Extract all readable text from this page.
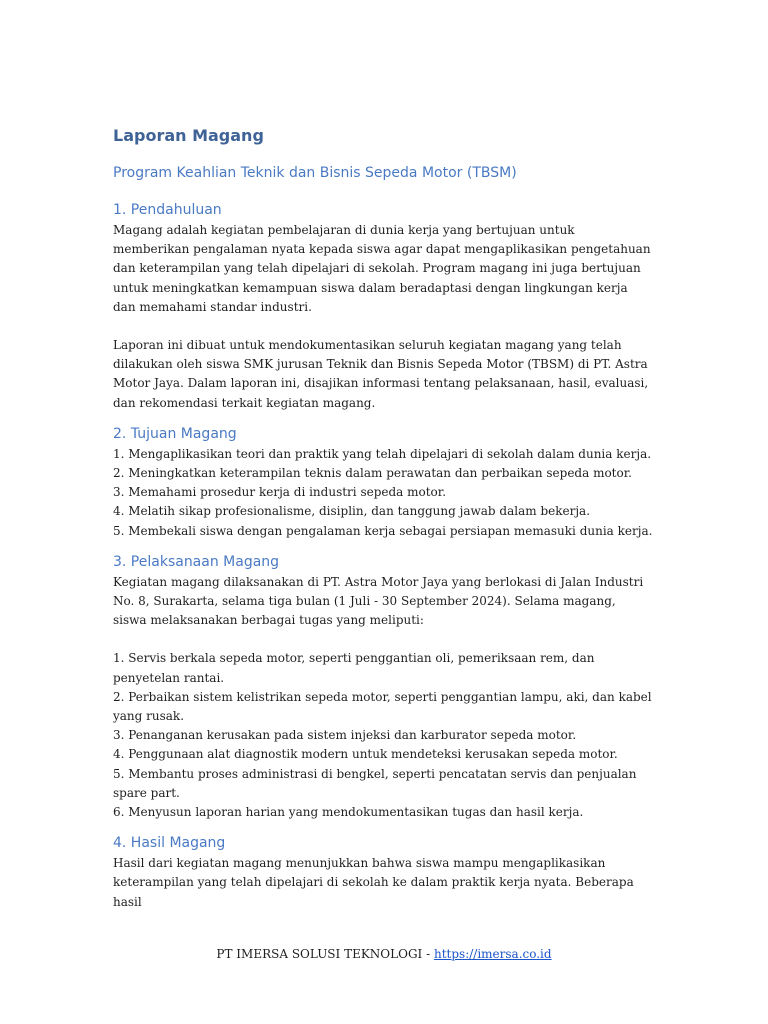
Laporan Magang
Program Keahlian Teknik dan Bisnis Sepeda Motor (TBSM)
1. Pendahuluan

Magang adalah kegiatan pembelajaran di dunia kerja yang bertujuan untuk memberikan pengalaman nyata kepada siswa agar dapat mengaplikasikan pengetahuan dan keterampilan yang telah dipelajari di sekolah. Program magang ini juga bertujuan untuk meningkatkan kemampuan siswa dalam beradaptasi dengan lingkungan kerja dan memahami standar industri.

Laporan ini dibuat untuk mendokumentasikan seluruh kegiatan magang yang telah dilakukan oleh siswa SMK jurusan Teknik dan Bisnis Sepeda Motor (TBSM) di PT. Astra Motor Jaya. Dalam laporan ini, disajikan informasi tentang pelaksanaan, hasil, evaluasi, dan rekomendasi terkait kegiatan magang.

2. Tujuan Magang
1. Mengaplikasikan teori dan praktik yang telah dipelajari di sekolah dalam dunia kerja.
2. Meningkatkan keterampilan teknis dalam perawatan dan perbaikan sepeda motor.
3. Memahami prosedur kerja di industri sepeda motor.
4. Melatih sikap profesionalisme, disiplin, dan tanggung jawab dalam bekerja.
5. Membekali siswa dengan pengalaman kerja sebagai persiapan memasuki dunia kerja.
3. Pelaksanaan Magang

Kegiatan magang dilaksanakan di PT. Astra Motor Jaya yang berlokasi di Jalan Industri No. 8, Surakarta, selama tiga bulan (1 Juli - 30 September 2024). Selama magang, siswa melaksanakan berbagai tugas yang meliputi:

1. Servis berkala sepeda motor, seperti penggantian oli, pemeriksaan rem, dan penyetelan rantai.
2. Perbaikan sistem kelistrikan sepeda motor, seperti penggantian lampu, aki, dan kabel yang rusak.
3. Penanganan kerusakan pada sistem injeksi dan karburator sepeda motor.
4. Penggunaan alat diagnostik modern untuk mendeteksi kerusakan sepeda motor.
5. Membantu proses administrasi di bengkel, seperti pencatatan servis dan penjualan spare part.
6. Menyusun laporan harian yang mendokumentasikan tugas dan hasil kerja.
4. Hasil Magang

Hasil dari kegiatan magang menunjukkan bahwa siswa mampu mengaplikasikan keterampilan yang telah dipelajari di sekolah ke dalam praktik kerja nyata. Beberapa hasil

PT IMERSA SOLUSI TEKNOLOGI - https://imersa.co.id
